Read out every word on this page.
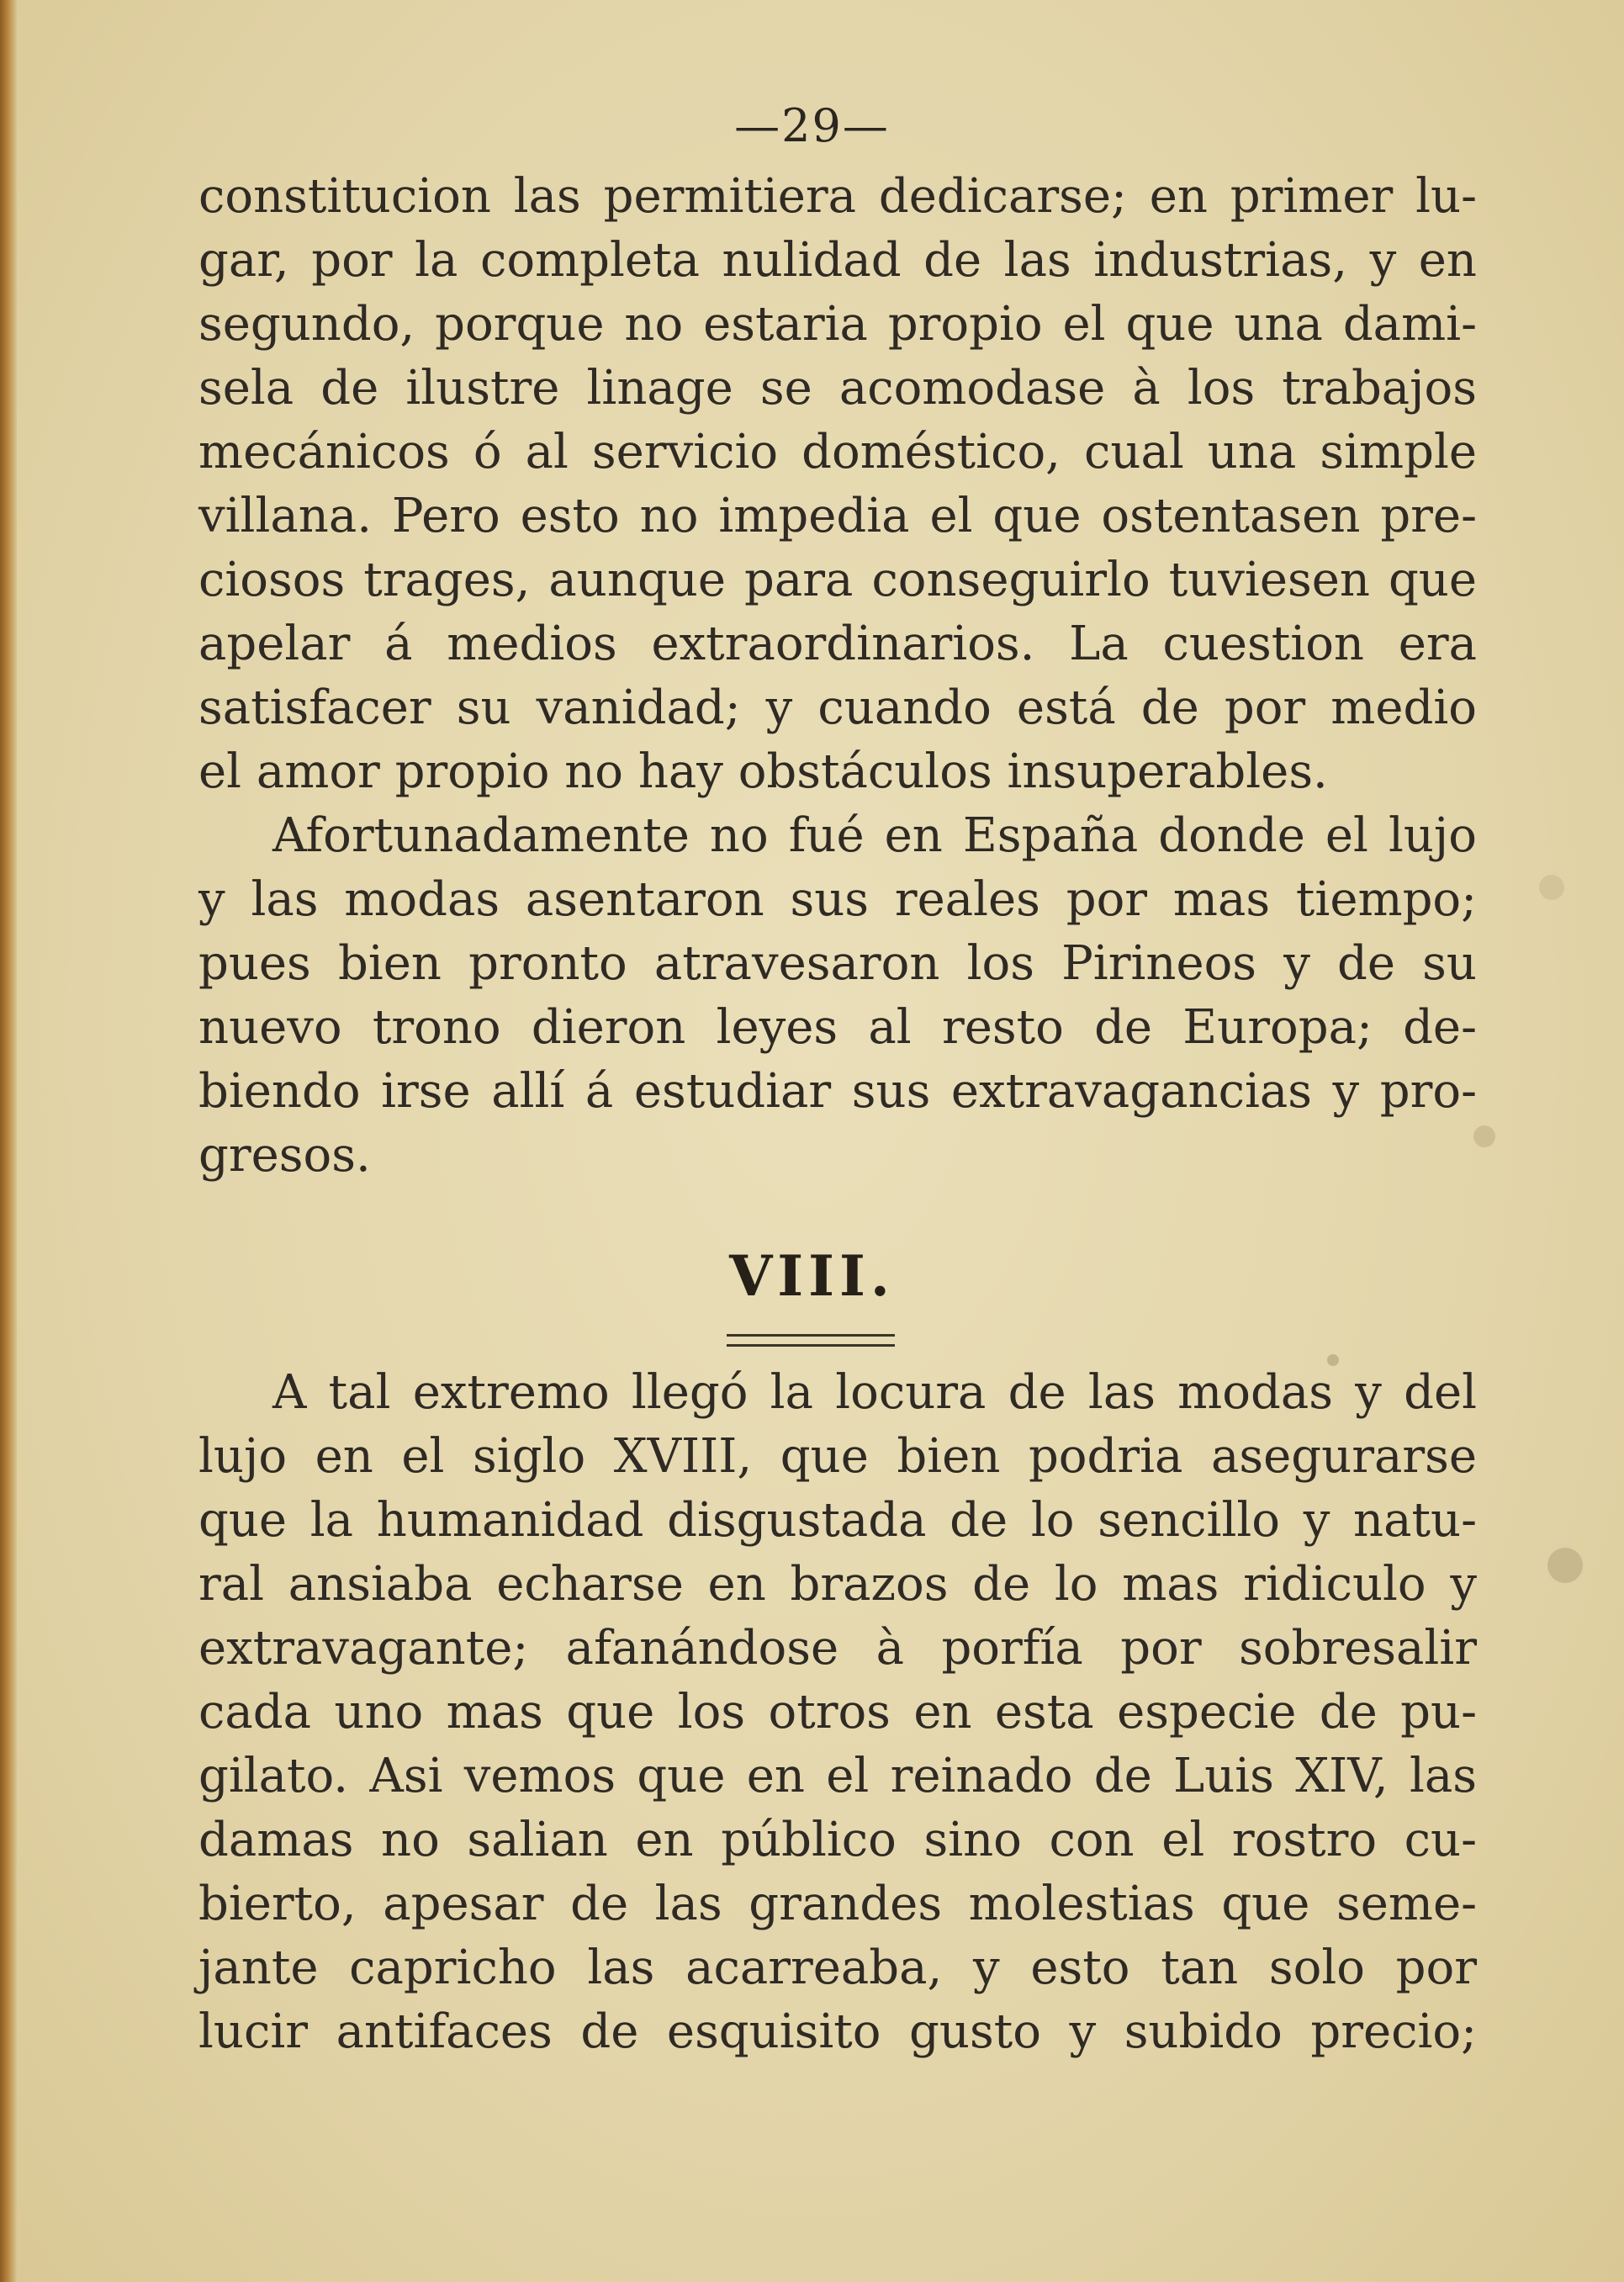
—29—
constitucion las permitiera dedicarse; en primer lu-
gar, por la completa nulidad de las industrias, y en
segundo, porque no estaria propio el que una dami-
sela de ilustre linage se acomodase à los trabajos
mecánicos ó al servicio doméstico, cual una simple
villana. Pero esto no impedia el que ostentasen pre-
ciosos trages, aunque para conseguirlo tuviesen que
apelar á medios extraordinarios. La cuestion era
satisfacer su vanidad; y cuando está de por medio
el amor propio no hay obstáculos insuperables.
Afortunadamente no fué en España donde el lujo
y las modas asentaron sus reales por mas tiempo;
pues bien pronto atravesaron los Pirineos y de su
nuevo trono dieron leyes al resto de Europa; de-
biendo irse allí á estudiar sus extravagancias y pro-
gresos.
VIII.
A tal extremo llegó la locura de las modas y del
lujo en el siglo XVIII, que bien podria asegurarse
que la humanidad disgustada de lo sencillo y natu-
ral ansiaba echarse en brazos de lo mas ridiculo y
extravagante; afanándose à porfía por sobresalir
cada uno mas que los otros en esta especie de pu-
gilato. Asi vemos que en el reinado de Luis XIV, las
damas no salian en público sino con el rostro cu-
bierto, apesar de las grandes molestias que seme-
jante capricho las acarreaba, y esto tan solo por
lucir antifaces de esquisito gusto y subido precio;
